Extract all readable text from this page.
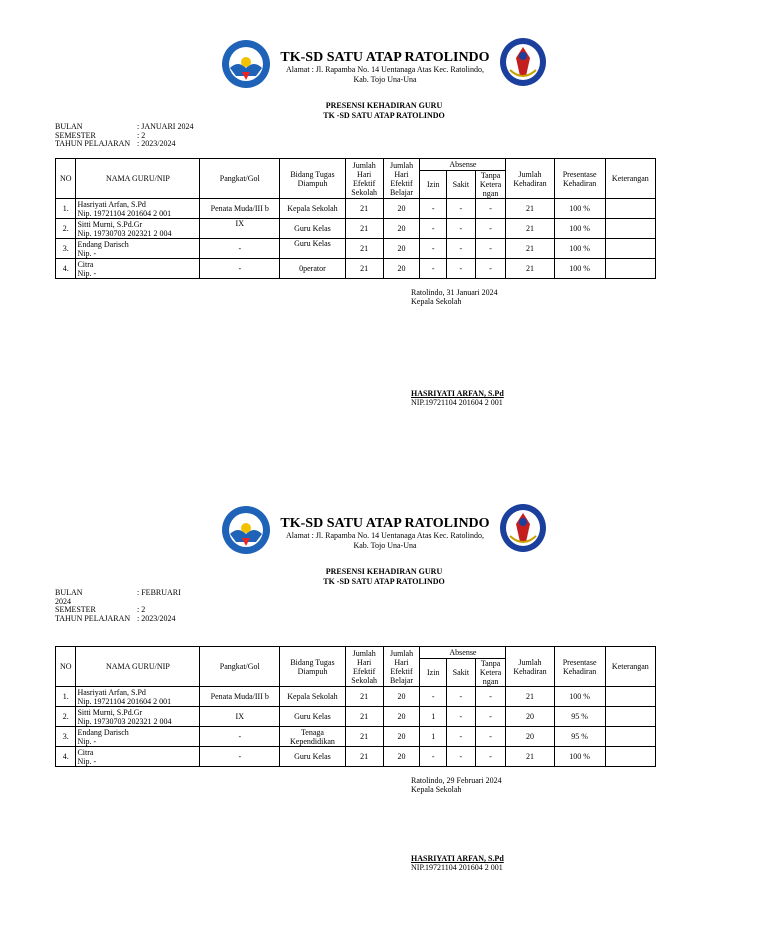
TK-SD SATU ATAP RATOLINDO
Alamat : Jl. Rapamba No. 14 Uentanaga Atas Kec. Ratolindo,
Kab. Tojo Una-Una
PRESENSI KEHADIRAN GURU
TK -SD SATU ATAP RATOLINDO
BULAN	: JANUARI 2024
SEMESTER	: 2
TAHUN PELAJARAN : 2023/2024
NO	NAMA GURU/NIP	Pangkat/Gol	Bidang Tugas Diampuh	Jumlah Hari Efektif Sekolah	Jumlah Hari Efektif Belajar	Absense			Jumlah Kehadiran	Presentase Kehadiran	Keterangan
						Izin	Sakit	Tanpa Ketera ngan			
1.	Hasriyati Arfan, S.Pd
Nip. 19721104 201604 2 001	Penata Muda/III b	Kepala Sekolah	21	20	-	-	-	21	100 %	
2.	Sitti Murni, S.Pd.Gr
Nip. 19730703 202321 2 004	IX	Guru Kelas	21	20	-	-	-	21	100 %	
3.	Endang Darisch
Nip. -	-	Guru Kelas	21	20	-	-	-	21	100 %	
4.	Citra
Nip. -	-	0perator	21	20	-	-	-	21	100 %	
Ratolindo, 31 Januari 2024
Kepala Sekolah
HASRIYATI ARFAN, S.Pd
NIP.19721104 201604 2 001
TK-SD SATU ATAP RATOLINDO
Alamat : Jl. Rapamba No. 14 Uentanaga Atas Kec. Ratolindo,
Kab. Tojo Una-Una
PRESENSI KEHADIRAN GURU
TK -SD SATU ATAP RATOLINDO
BULAN	: FEBRUARI
2024
SEMESTER	: 2
TAHUN PELAJARAN : 2023/2024
NO	NAMA GURU/NIP	Pangkat/Gol	Bidang Tugas Diampuh	Jumlah Hari Efektif Sekolah	Jumlah Hari Efektif Belajar	Absense			Jumlah Kehadiran	Presentase Kehadiran	Keterangan
						Izin	Sakit	Tanpa Ketera ngan			
1.	Hasriyati Arfan, S.Pd
Nip. 19721104 201604 2 001	Penata Muda/III b	Kepala Sekolah	21	20	-	-	-	21	100 %	
2.	Sitti Murni, S.Pd.Gr
Nip. 19730703 202321 2 004	IX	Guru Kelas	21	20	1	-	-	20	95 %	
3.	Endang Darisch
Nip. -	-	Tenaga Kependidikan	21	20	1	-	-	20	95 %	
4.	Citra
Nip. -	-	Guru Kelas	21	20	-	-	-	21	100 %	
Ratolindo, 29 Februari 2024
Kepala Sekolah
HASRIYATI ARFAN, S.Pd
NIP.19721104 201604 2 001
